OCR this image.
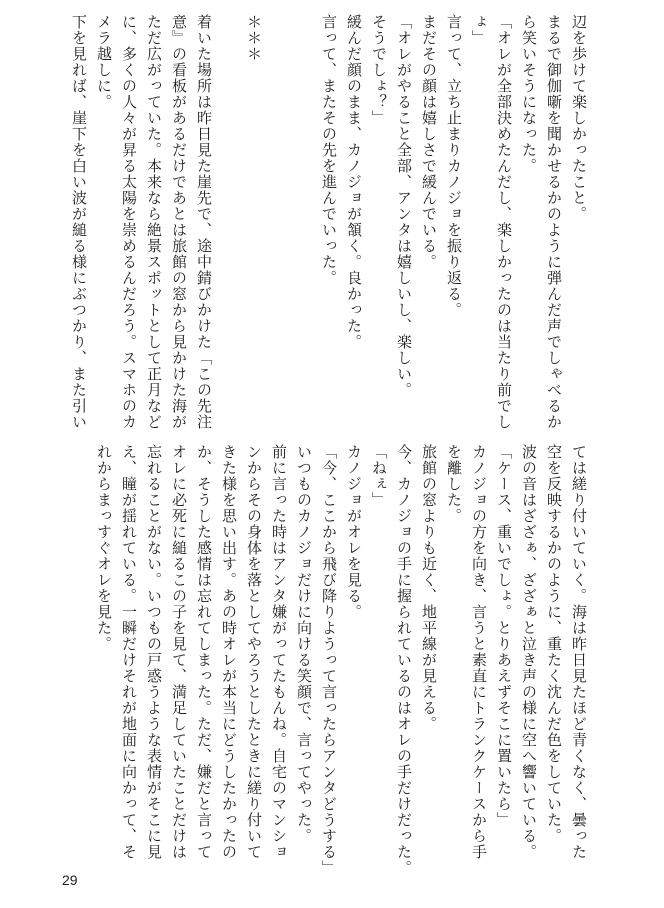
辺を歩けて楽しかったこと。
まるで御伽噺を聞かせるかのように弾んだ声でしゃべるか
ら笑いそうになった。
「オレが全部決めたんだし、楽しかったのは当たり前でし
ょ」
言って、立ち止まりカノジョを振り返る。
まだその顔は嬉しさで緩んでいる。
「オレがやること全部、アンタは嬉しいし、楽しい。
そうでしょ？」
緩んだ顔のまま、カノジョが頷く。良かった。
言って、またその先を進んでいった。
＊＊＊
着いた場所は昨日見た崖先で、途中錆びかけた「この先注
意』の看板があるだけであとは旅館の窓から見かけた海が
ただ広がっていた。本来なら絶景スポットとして正月など
に、多くの人々が昇る太陽を崇めるんだろう。スマホのカ
メラ越しに。
下を見れば、崖下を白い波が縋る様にぶつかり、また引い
ては縒り付いていく。海は昨日見たほど青くなく、曇った
空を反映するかのように、重たく沈んだ色をしていた。
波の音はざざぁ、ざざぁと泣き声の様に空へ響いている。
「ケース、重いでしょ。とりあえずそこに置いたら」
カノジョの方を向き、言うと素直にトランクケースから手
を離した。
旅館の窓よりも近く、地平線が見える。
今、カノジョの手に握られているのはオレの手だけだった。
「ねぇ」
カノジョがオレを見る。
「今、ここから飛び降りようって言ったらアンタどうする」
いつものカノジョだけに向ける笑顔で、言ってやった。
前に言った時はアンタ嫌がってたもんね。自宅のマンショ
ンからその身体を落としてやろうとしたときに縒り付いて
きた様を思い出す。あの時オレが本当にどうしたかったの
か、そうした感情は忘れてしまった。ただ、嫌だと言って
オレに必死に縋るこの子を見て、満足していたことだけは
忘れることがない。いつもの戸惑うような表情がそこに見
え、瞳が揺れている。一瞬だけそれが地面に向かって、そ
れからまっすぐオレを見た。
29
